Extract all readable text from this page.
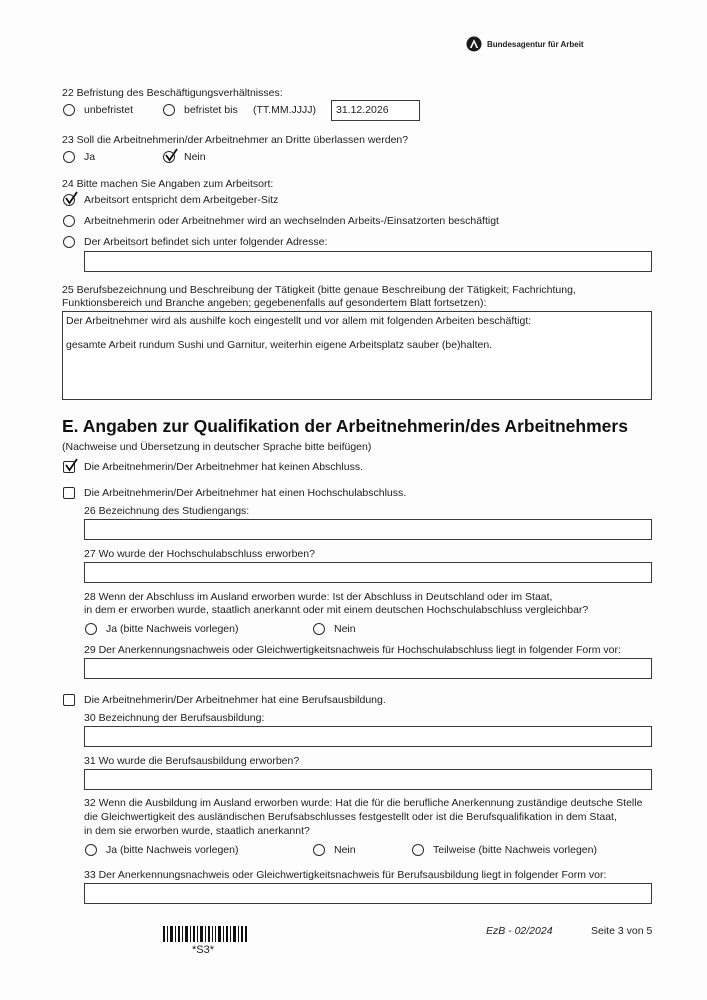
Bundesagentur für Arbeit
22 Befristung des Beschäftigungsverhältnisses:
unbefristet	befristet bis (TT.MM.JJJJ) 31.12.2026
23 Soll die Arbeitnehmerin/der Arbeitnehmer an Dritte überlassen werden?
Ja	Nein
24 Bitte machen Sie Angaben zum Arbeitsort:
Arbeitsort entspricht dem Arbeitgeber-Sitz
Arbeitnehmerin oder Arbeitnehmer wird an wechselnden Arbeits-/Einsatzorten beschäftigt
Der Arbeitsort befindet sich unter folgender Adresse:
25 Berufsbezeichnung und Beschreibung der Tätigkeit (bitte genaue Beschreibung der Tätigkeit; Fachrichtung,
Funktionsbereich und Branche angeben; gegebenenfalls auf gesondertem Blatt fortsetzen):
Der Arbeitnehmer wird als aushilfe koch eingestellt und vor allem mit folgenden Arbeiten beschäftigt:
gesamte Arbeit rundum Sushi und Garnitur, weiterhin eigene Arbeitsplatz sauber (be)halten.
E. Angaben zur Qualifikation der Arbeitnehmerin/des Arbeitnehmers
(Nachweise und Übersetzung in deutscher Sprache bitte beifügen)
Die Arbeitnehmerin/Der Arbeitnehmer hat keinen Abschluss.
Die Arbeitnehmerin/Der Arbeitnehmer hat einen Hochschulabschluss.
26 Bezeichnung des Studiengangs:
27 Wo wurde der Hochschulabschluss erworben?
28 Wenn der Abschluss im Ausland erworben wurde: Ist der Abschluss in Deutschland oder im Staat,
in dem er erworben wurde, staatlich anerkannt oder mit einem deutschen Hochschulabschluss vergleichbar?
Ja (bitte Nachweis vorlegen)	Nein
29 Der Anerkennungsnachweis oder Gleichwertigkeitsnachweis für Hochschulabschluss liegt in folgender Form vor:
Die Arbeitnehmerin/Der Arbeitnehmer hat eine Berufsausbildung.
30 Bezeichnung der Berufsausbildung:
31 Wo wurde die Berufsausbildung erworben?
32 Wenn die Ausbildung im Ausland erworben wurde: Hat die für die berufliche Anerkennung zuständige deutsche Stelle
die Gleichwertigkeit des ausländischen Berufsabschlusses festgestellt oder ist die Berufsqualifikation in dem Staat,
in dem sie erworben wurde, staatlich anerkannt?
Ja (bitte Nachweis vorlegen)	Nein	Teilweise (bitte Nachweis vorlegen)
33 Der Anerkennungsnachweis oder Gleichwertigkeitsnachweis für Berufsausbildung liegt in folgender Form vor:
*S3*
EzB - 02/2024	Seite 3 von 5
